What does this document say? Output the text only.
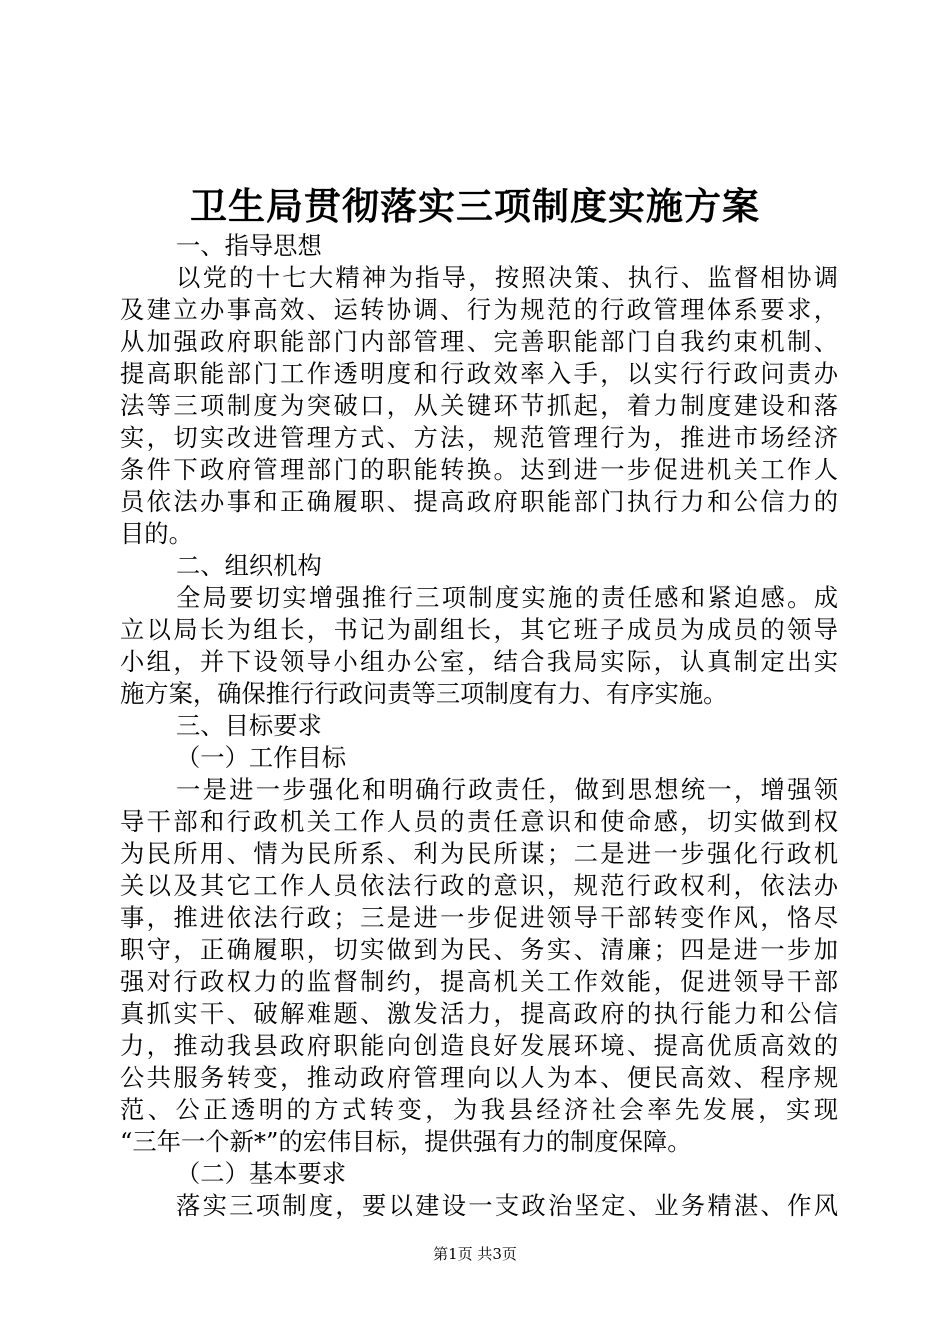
卫生局贯彻落实三项制度实施方案
一、指导思想
以党的十七大精神为指导，按照决策、执行、监督相协调
及建立办事高效、运转协调、行为规范的行政管理体系要求，
从加强政府职能部门内部管理、完善职能部门自我约束机制、
提高职能部门工作透明度和行政效率入手，以实行行政问责办
法等三项制度为突破口，从关键环节抓起，着力制度建设和落
实，切实改进管理方式、方法，规范管理行为，推进市场经济
条件下政府管理部门的职能转换。达到进一步促进机关工作人
员依法办事和正确履职、提高政府职能部门执行力和公信力的
目的。
二、组织机构
全局要切实增强推行三项制度实施的责任感和紧迫感。成
立以局长为组长，书记为副组长，其它班子成员为成员的领导
小组，并下设领导小组办公室，结合我局实际，认真制定出实
施方案，确保推行行政问责等三项制度有力、有序实施。
三、目标要求
（一）工作目标
一是进一步强化和明确行政责任，做到思想统一，增强领
导干部和行政机关工作人员的责任意识和使命感，切实做到权
为民所用、情为民所系、利为民所谋；二是进一步强化行政机
关以及其它工作人员依法行政的意识，规范行政权利，依法办
事，推进依法行政；三是进一步促进领导干部转变作风，恪尽
职守，正确履职，切实做到为民、务实、清廉；四是进一步加
强对行政权力的监督制约，提高机关工作效能，促进领导干部
真抓实干、破解难题、激发活力，提高政府的执行能力和公信
力，推动我县政府职能向创造良好发展环境、提高优质高效的
公共服务转变，推动政府管理向以人为本、便民高效、程序规
范、公正透明的方式转变，为我县经济社会率先发展，实现
“三年一个新*”的宏伟目标，提供强有力的制度保障。
（二）基本要求
落实三项制度，要以建设一支政治坚定、业务精湛、作风
第1页 共3页
